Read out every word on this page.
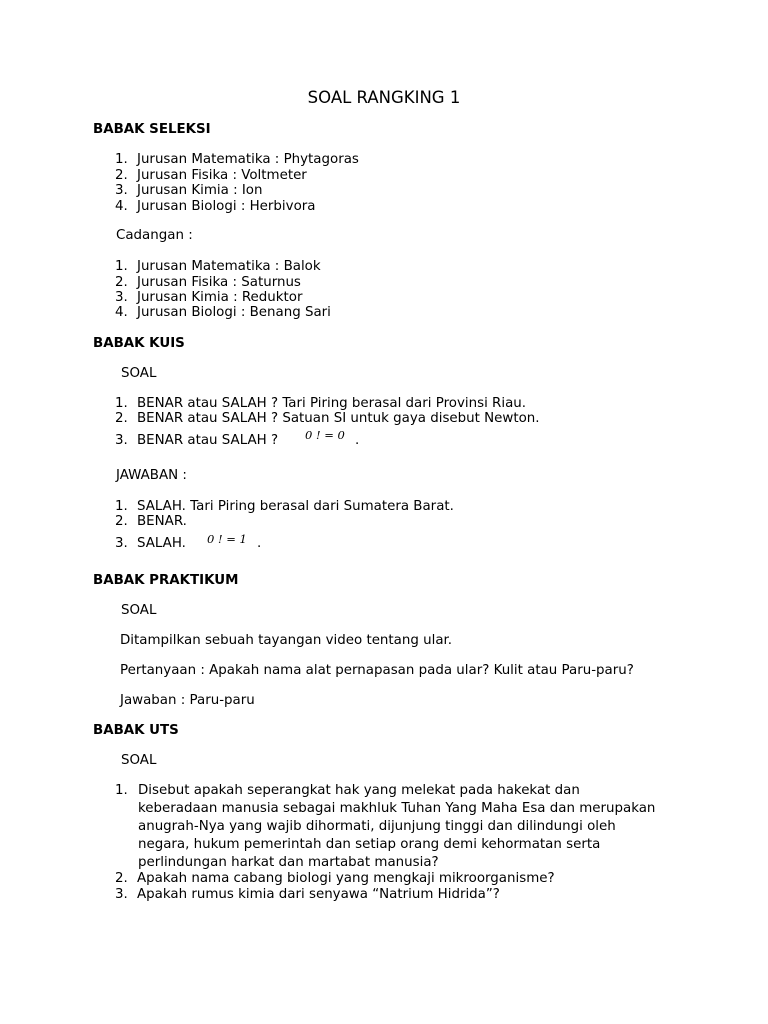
SOAL RANGKING 1
BABAK SELEKSI
1. Jurusan Matematika : Phytagoras
2. Jurusan Fisika : Voltmeter
3. Jurusan Kimia : Ion
4. Jurusan Biologi : Herbivora
Cadangan :
1. Jurusan Matematika : Balok
2. Jurusan Fisika : Saturnus
3. Jurusan Kimia : Reduktor
4. Jurusan Biologi : Benang Sari
BABAK KUIS
SOAL
1. BENAR atau SALAH ? Tari Piring berasal dari Provinsi Riau.
2. BENAR atau SALAH ? Satuan SI untuk gaya disebut Newton.
3. BENAR atau SALAH ? 0 ! = 0 .
JAWABAN :
1. SALAH. Tari Piring berasal dari Sumatera Barat.
2. BENAR.
3. SALAH. 0 ! = 1 .
BABAK PRAKTIKUM
SOAL
Ditampilkan sebuah tayangan video tentang ular.
Pertanyaan : Apakah nama alat pernapasan pada ular? Kulit atau Paru-paru?
Jawaban : Paru-paru
BABAK UTS
SOAL
1. Disebut apakah seperangkat hak yang melekat pada hakekat dan keberadaan manusia sebagai makhluk Tuhan Yang Maha Esa dan merupakan anugrah-Nya yang wajib dihormati, dijunjung tinggi dan dilindungi oleh negara, hukum pemerintah dan setiap orang demi kehormatan serta perlindungan harkat dan martabat manusia?
2. Apakah nama cabang biologi yang mengkaji mikroorganisme?
3. Apakah rumus kimia dari senyawa “Natrium Hidrida”?
